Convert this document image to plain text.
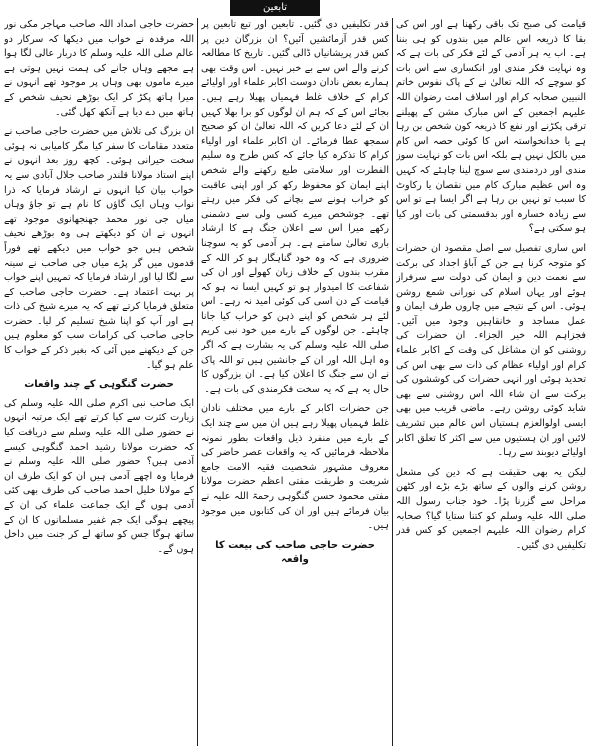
تابعین

قیامت کی صبح تک باقی رکھنا ہے اور اس کی بقا کا ذریعہ اس عالم میں بندوں کو ہی بننا ہے۔ اب یہ ہر آدمی کے لئے فکر کی بات ہے کہ وہ نہایت فکر مندی اور انکساری سے اس بات کو سوچے کہ اللہ تعالیٰ نے کے پاک نفوس خاتم النبیین صحابہ کرام اور اسلاف امت رضوان اللہ علیہم اجمعین کے اس مبارک مشن کے پھیلنے ترقی پکڑنے اور نفع کا ذریعہ کون شخص بن رہا ہے یا خدانخواستہ اس کا کوئی حصہ اس کام میں بالکل نہیں ہے بلکہ اس بات کو نہایت سوز مندی اور دردمندی سے سوچ لینا چاہئے کہ کہیں وہ اس عظیم مبارک کام میں نقصان یا رکاوٹ کا سبب تو نہیں بن رہا ہے اگر ایسا ہے تو اس سے زیادہ خسارہ اور بدقسمتی کی بات اور کیا ہو سکتی ہے؟

اس ساری تفصیل سے اصل مقصود ان حضرات کو متوجہ کرنا ہے جن کے آباؤ اجداد کی برکت سے نعمت دین و ایمان کی دولت سے سرفراز ہوئے اور یہاں اسلام کی نورانی شمع روشن ہوئی۔ اس کے نتیجے میں چاروں طرف ایمان و عمل مساجد و خانقاہیں وجود میں آئیں۔ فجزاہم اللہ خیر الجزاء۔ ان حضرات کی روشنی کو ان مشاغل کی وقت کے اکابر علماء کرام اور اولیاء عظام کی ذات سے بھی اس کی تحدید ہوئی اور انہی حضرات کی کوششوں کی برکت سے ان شاء اللہ اس روشنی سے بھی شاید کوئی روشن رہے۔ ماضی قریب میں بھی ایسی اولوالعزم ہستیاں اس عالم میں تشریف لائیں اور ان ہستیوں میں سے اکثر کا تعلق اکابر اولیائے دیوبند سے رہا۔

لیکن یہ بھی حقیقت ہے کہ دین کی مشعل روشن کرنے والوں کے ساتھ بڑے بڑے اور کٹھن مراحل سے گزرنا پڑا۔ خود جناب رسول اللہ صلی اللہ علیہ وسلم کو کتنا ستایا گیا؟ صحابہ کرام رضوان اللہ علیہم اجمعین کو کس قدر تکلیفیں دی گئیں۔

قدر تکلیفیں دی گئیں۔ تابعین اور تبع تابعین پر کس قدر آزمائشیں آئیں؟ ان بزرگان دین پر کس قدر پریشانیاں ڈالی گئیں۔ تاریخ کا مطالعہ کرنے والے اس سے بے خبر نہیں۔ اس وقت بھی ہمارے بعض نادان دوست اکابر علماء اور اولیائے کرام کے خلاف غلط فہمیاں پھیلا رہے ہیں۔ بجائے اس کے کہ ہم ان لوگوں کو برا بھلا کہیں ان کے لئے دعا کریں کہ اللہ تعالیٰ ان کو صحیح سمجھ عطا فرمائے۔ ان اکابر علماء اور اولیاء کرام کا تذکرہ کیا جائے کہ کس طرح وہ سلیم الفطرت اور سلامتی طبع رکھنے والے شخص اپنے ایمان کو محفوظ رکھ کر اور اپنی عاقبت کو خراب ہونے سے بچانے کی فکر میں رہتے تھے۔ جوشخص میرے کسی ولی سے دشمنی رکھے میرا اس سے اعلان جنگ ہے کا ارشاد باری تعالیٰ سامنے ہے۔ ہر آدمی کو یہ سوچنا ضروری ہے کہ وہ خود گناہگار ہو کر اللہ کے مقرب بندوں کے خلاف زبان کھولے اور ان کی شفاعت کا امیدوار ہو تو کہیں ایسا نہ ہو کہ قیامت کے دن اسی کی کوئی امید نہ رہے۔ اس لئے ہر شخص کو اپنے ذہن کو خراب کیا جانا چاہئے۔ جن لوگوں کے بارے میں خود نبی کریم صلی اللہ علیہ وسلم کی یہ بشارت ہے کہ اگر وہ اہل اللہ اور ان کے جانشین ہیں تو اللہ پاک نے ان سے جنگ کا اعلان کیا ہے۔ ان بزرگوں کا حال یہ ہے کہ یہ سخت فکرمندی کی بات ہے۔

جن حضرات اکابر کے بارے میں مختلف نادان غلط فہمیاں پھیلا رہے ہیں ان میں سے چند ایک کے بارے میں منفرد ذیل واقعات بطور نمونہ ملاحظہ فرمائیں کہ یہ واقعات عصر حاضر کی معروف مشہور شخصیت فقیہ الامت جامع شریعت و طریقت مفتی اعظم حضرت مولانا مفتی محمود حسن گنگوہی رحمۃ اللہ علیہ نے بیان فرمائے ہیں اور ان کی کتابوں میں موجود ہیں۔

حضرت حاجی صاحب کی بیعت کا واقعہ

حضرت حاجی امداد اللہ صاحب مہاجر مکی نور اللہ مرقدہ نے خواب میں دیکھا کہ سرکار دو عالم صلی اللہ علیہ وسلم کا دربار عالی لگا ہوا ہے مجھے وہاں جانے کی ہمت نہیں ہوتی ہے میرے ماموں بھی وہاں پر موجود تھے انہوں نے میرا ہاتھ پکڑ کر ایک بوڑھے نحیف شخص کے ہاتھ میں دے دیا ہے آنکھ کھل گئی۔

ان بزرگ کی تلاش میں حضرت حاجی صاحب نے متعدد مقامات کا سفر کیا مگر کامیابی نہ ہوئی سخت حیرانی ہوئی۔ کچھ روز بعد انہوں نے اپنے استاد مولانا قلندر صاحب جلال آبادی سے یہ خواب بیان کیا انہوں نے ارشاد فرمایا کہ ذرا نواب وہاں ایک گاؤں کا نام ہے تو جاؤ وہاں میاں جی نور محمد جھنجھانوی موجود تھے انہوں نے ان کو دیکھتے ہی وہ بوڑھے نحیف شخص ہیں جو خواب میں دیکھے تھے فوراً قدموں میں گر پڑے میاں جی صاحب نے سینہ سے لگا لیا اور ارشاد فرمایا کہ تمہیں اپنے خواب پر بہت اعتماد ہے۔ حضرت حاجی صاحب کے متعلق فرمایا کرتے تھے کہ یہ میرے شیخ کی ذات ہے اور آپ کو اپنا شیخ تسلیم کر لیا۔ حضرت حاجی صاحب کی کرامات سب کو معلوم ہیں جن کے دیکھنے میں آئی کہ بغیر ذکر کے خواب کا علم ہو گیا۔

حضرت گنگوہی کے چند واقعات

ایک صاحب نبی اکرم صلی اللہ علیہ وسلم کی زیارت کثرت سے کیا کرتے تھے ایک مرتبہ انہوں نے حضور صلی اللہ علیہ وسلم سے دریافت کیا کہ حضرت مولانا رشید احمد گنگوہی کیسے آدمی ہیں؟ حضور صلی اللہ علیہ وسلم نے فرمایا وہ اچھے آدمی ہیں ان کو ایک طرف ان کے مولانا خلیل احمد صاحب کی طرف بھی کئی آدمی ہوں گے ایک جماعت علماء کی ان کے پیچھے ہوگی ایک جم غفیر مسلمانوں کا ان کے ساتھ ہوگا جس کو ساتھ لے کر جنت میں داخل ہوں گے۔
